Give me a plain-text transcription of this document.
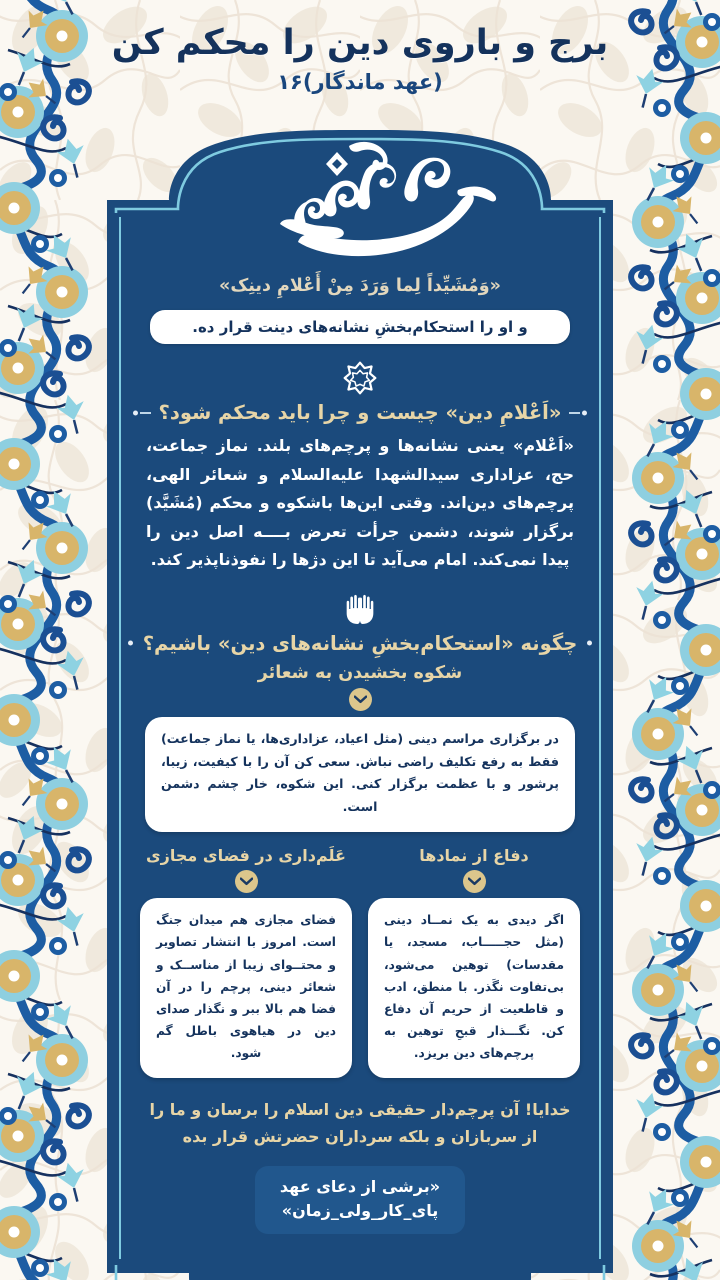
برج و باروی دین را محکم کن
(عهد ماندگار)۱۶
«وَمُشَیِّداً لِما وَرَدَ مِنْ أَعْلامِ دینِک»
و او را استحکام‌بخشِ نشانه‌های دینت قرار ده.
«اَعْلامِ دین» چیست و چرا باید محکم شود؟

«اَعْلام» یعنی نشانه‌ها و پرچم‌های بلند. نماز جماعت، حج، عزاداری سیدالشهدا علیه‌السلام و شعائر الهی، پرچم‌های دین‌اند. وقتی این‌ها باشکوه و محکم (مُشَیَّد) برگزار شوند، دشمن جرأت تعرض بــــه اصل دین را پیدا نمی‌کند. امام می‌آید تا این دژها را نفوذناپذیر کند.

چگونه «استحکام‌بخشِ نشانه‌های دین» باشیم؟
شکوه بخشیدن به شعائر
در برگزاری مراسم دینی (مثل اعیاد، عزاداری‌ها، یا نماز جماعت) فقط به رفع تکلیف راضی نباش. سعی کن آن را با کیفیت، زیبا، پرشور و با عظمت برگزار کنی. این شکوه، خار چشم دشمن است.
دفاع از نمادها
اگر دیدی به یک نمــاد دینی (مثل حجـــــاب، مسجد، یا مقدسات) توهین می‌شود، بی‌تفاوت نگَذر. با منطق، ادب و قاطعیت از حریم آن دفاع کن. نگـــذار قبحِ توهین به پرچم‌های دین بریزد.
عَلَم‌داری در فضای مجازی
فضای مجازی هم میدان جنگ است. امروز با انتشار تصاویر و محتــوای زیبا از مناســک و شعائر دینی، پرچم را در آن فضا هم بالا ببر و نگذار صدای دین در هیاهوی باطل گم شود.
خدایا! آن پرچم‌دار حقیقی دین اسلام را برسان و ما را از سربازان و بلکه سرداران حضرتش قرار بده
«برشی از دعای عهد
پای_کار_ولی_زمان»
